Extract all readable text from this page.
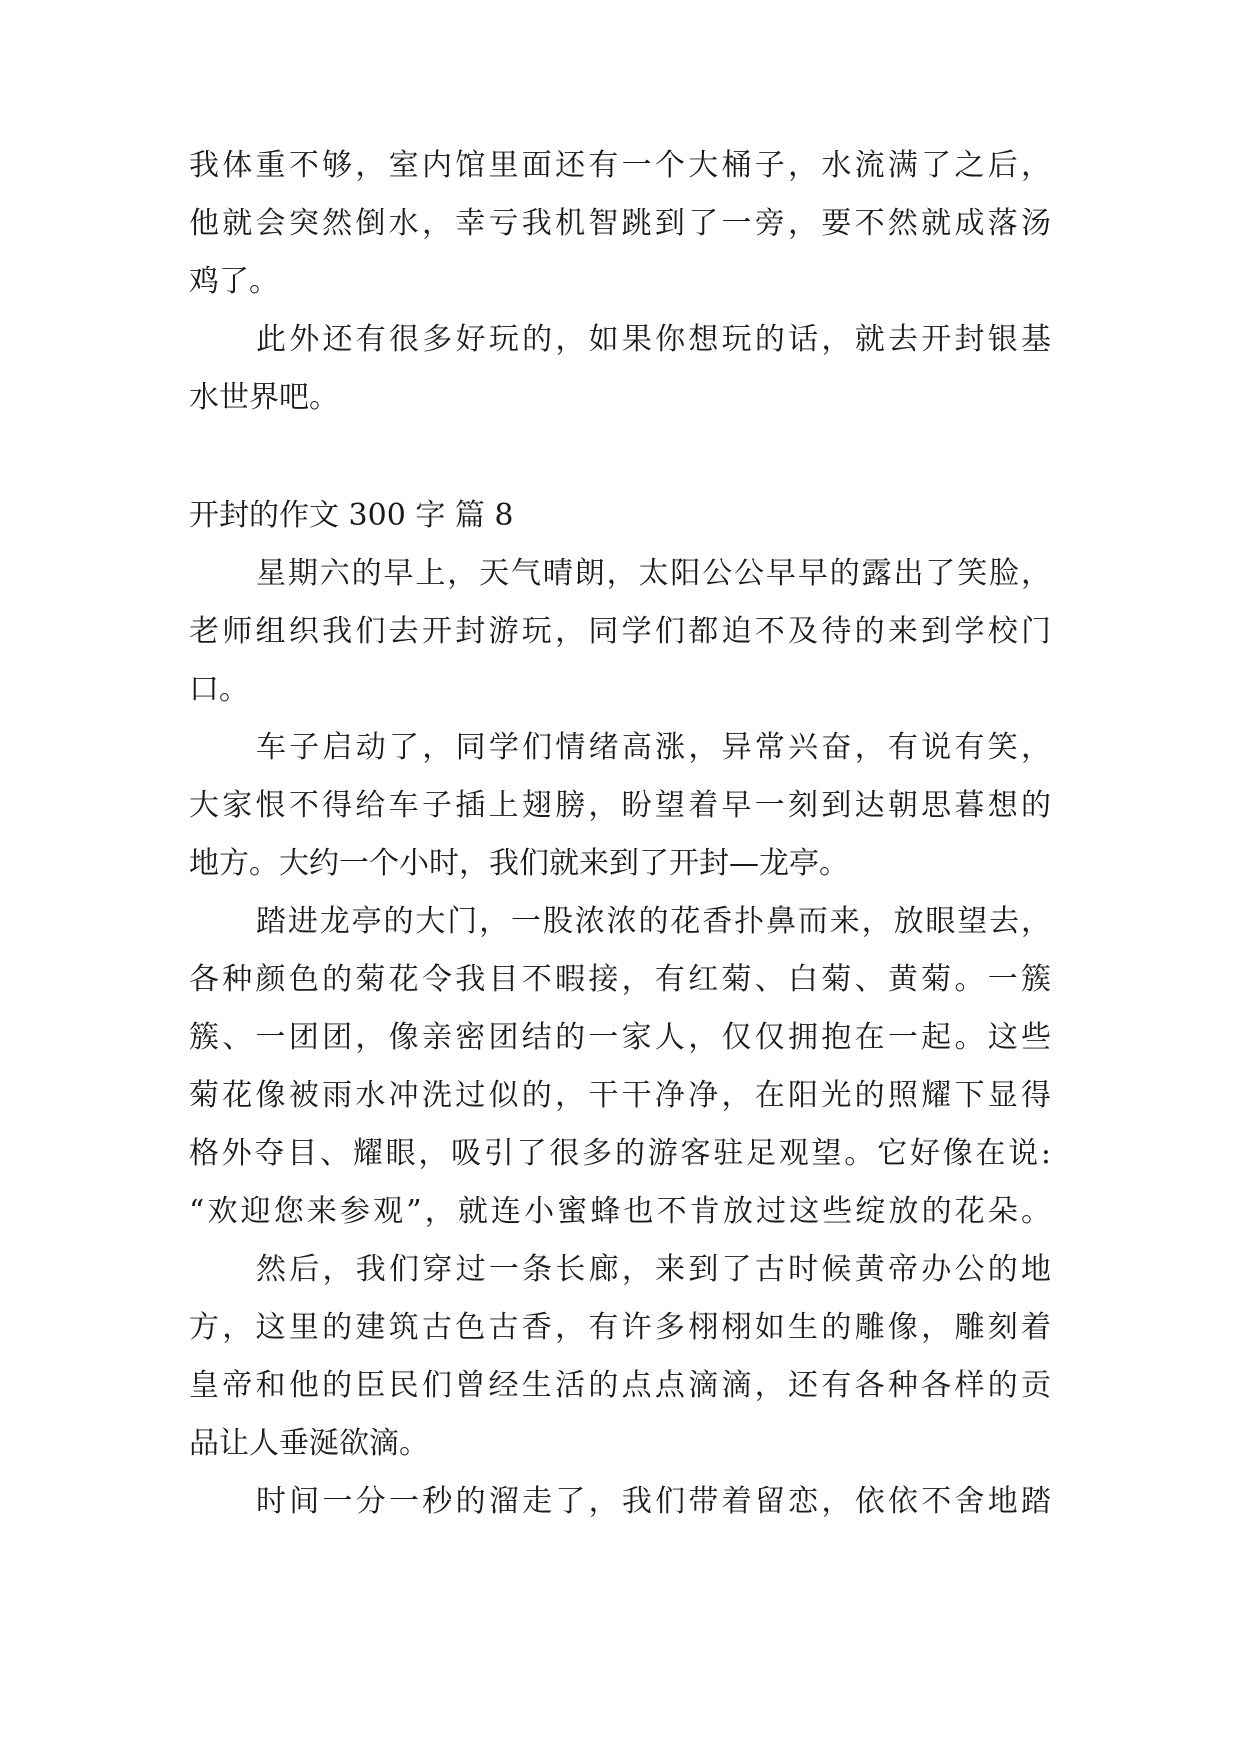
我体重不够，室内馆里面还有一个大桶子，水流满了之后，
他就会突然倒水，幸亏我机智跳到了一旁，要不然就成落汤
鸡了。
此外还有很多好玩的，如果你想玩的话，就去开封银基
水世界吧。
开封的作文 300 字 篇 8
星期六的早上，天气晴朗，太阳公公早早的露出了笑脸，
老师组织我们去开封游玩，同学们都迫不及待的来到学校门
口。
车子启动了，同学们情绪高涨，异常兴奋，有说有笑，
大家恨不得给车子插上翅膀，盼望着早一刻到达朝思暮想的
地方。大约一个小时，我们就来到了开封—龙亭。
踏进龙亭的大门，一股浓浓的花香扑鼻而来，放眼望去，
各种颜色的菊花令我目不暇接，有红菊、白菊、黄菊。一簇
簇、一团团，像亲密团结的一家人，仅仅拥抱在一起。这些
菊花像被雨水冲洗过似的，干干净净，在阳光的照耀下显得
格外夺目、耀眼，吸引了很多的游客驻足观望。它好像在说:
“欢迎您来参观”，就连小蜜蜂也不肯放过这些绽放的花朵。
然后，我们穿过一条长廊，来到了古时候黄帝办公的地
方，这里的建筑古色古香，有许多栩栩如生的雕像，雕刻着
皇帝和他的臣民们曾经生活的点点滴滴，还有各种各样的贡
品让人垂涎欲滴。
时间一分一秒的溜走了，我们带着留恋，依依不舍地踏
